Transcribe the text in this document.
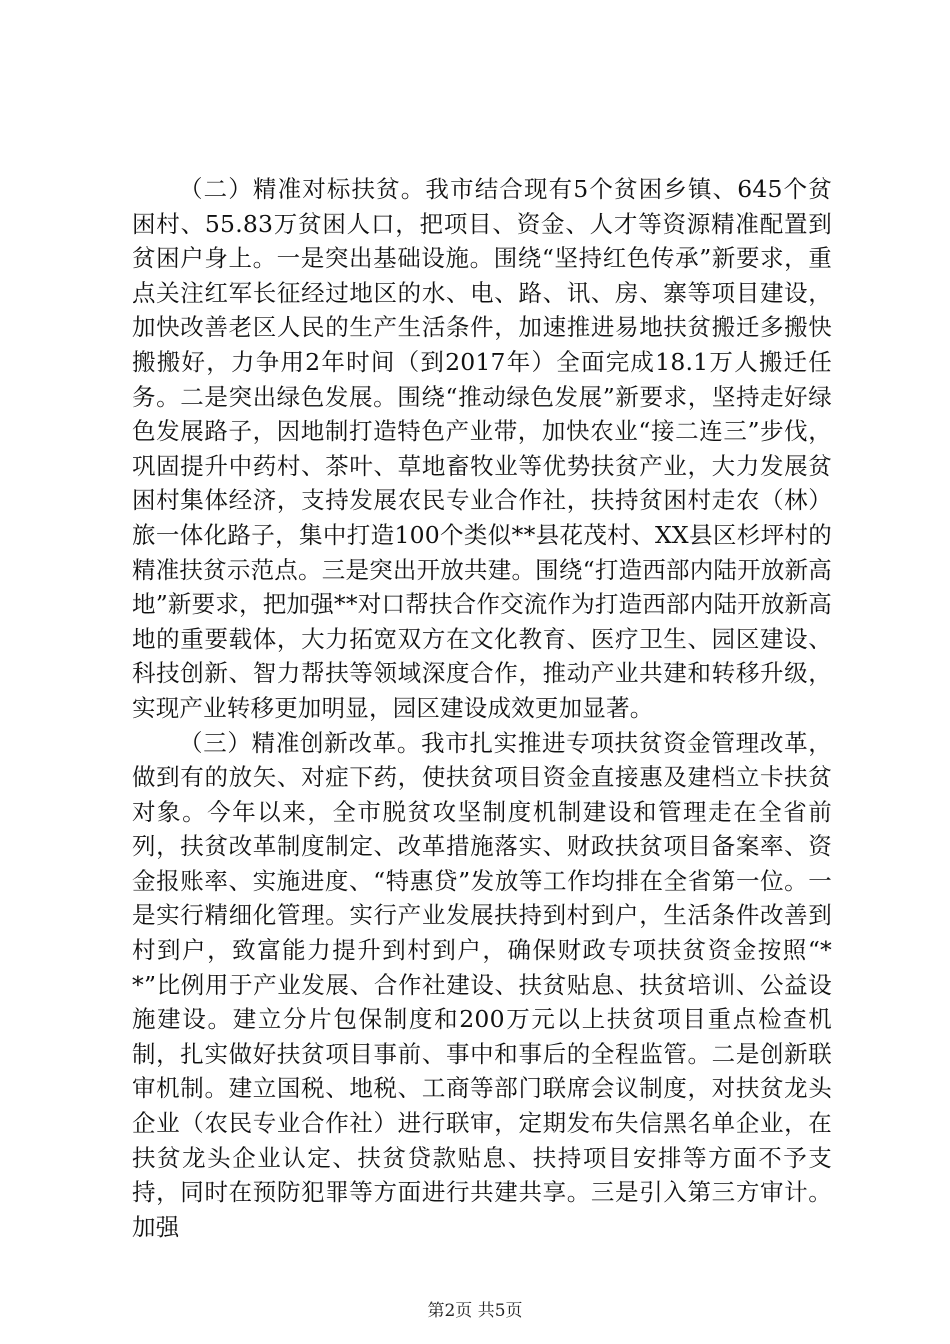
（二）精准对标扶贫。我市结合现有5个贫困乡镇、645个贫困村、55.83万贫困人口，把项目、资金、人才等资源精准配置到贫困户身上。一是突出基础设施。围绕“坚持红色传承”新要求，重点关注红军长征经过地区的水、电、路、讯、房、寨等项目建设，加快改善老区人民的生产生活条件，加速推进易地扶贫搬迁多搬快搬搬好，力争用2年时间（到2017年）全面完成18.1万人搬迁任务。二是突出绿色发展。围绕“推动绿色发展”新要求，坚持走好绿色发展路子，因地制打造特色产业带，加快农业“接二连三”步伐，巩固提升中药村、茶叶、草地畜牧业等优势扶贫产业，大力发展贫困村集体经济，支持发展农民专业合作社，扶持贫困村走农（林）旅一体化路子，集中打造100个类似**县花茂村、XX县区杉坪村的精准扶贫示范点。三是突出开放共建。围绕“打造西部内陆开放新高地”新要求，把加强**对口帮扶合作交流作为打造西部内陆开放新高地的重要载体，大力拓宽双方在文化教育、医疗卫生、园区建设、科技创新、智力帮扶等领域深度合作，推动产业共建和转移升级，实现产业转移更加明显，园区建设成效更加显著。

（三）精准创新改革。我市扎实推进专项扶贫资金管理改革，做到有的放矢、对症下药，使扶贫项目资金直接惠及建档立卡扶贫对象。今年以来，全市脱贫攻坚制度机制建设和管理走在全省前列，扶贫改革制度制定、改革措施落实、财政扶贫项目备案率、资金报账率、实施进度、“特惠贷”发放等工作均排在全省第一位。一是实行精细化管理。实行产业发展扶持到村到户，生活条件改善到村到户，致富能力提升到村到户，确保财政专项扶贫资金按照“**”比例用于产业发展、合作社建设、扶贫贴息、扶贫培训、公益设施建设。建立分片包保制度和200万元以上扶贫项目重点检查机制，扎实做好扶贫项目事前、事中和事后的全程监管。二是创新联审机制。建立国税、地税、工商等部门联席会议制度，对扶贫龙头企业（农民专业合作社）进行联审，定期发布失信黑名单企业，在扶贫龙头企业认定、扶贫贷款贴息、扶持项目安排等方面不予支持，同时在预防犯罪等方面进行共建共享。三是引入第三方审计。加强

第2页 共5页
